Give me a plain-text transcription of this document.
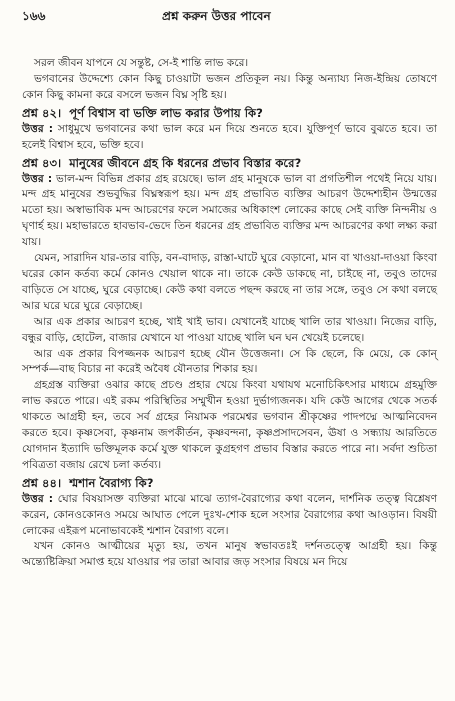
১৬৬	প্রশ্ন করুন উত্তর পাবেন
সরল জীবন যাপনে যে সন্তুষ্ট, সে-ই শান্তি লাভ করে।
ভগবানের উদ্দেশ্যে কোন কিছু চাওয়াটা ভজন প্রতিকূল নয়। কিন্তু অন্যায্য নিজ-ইন্দ্রিয় তোষণে কোন কিছু কামনা করে বসলে ভজন বিঘ্ন সৃষ্টি হয়।
প্রশ্ন ৪২। পূর্ণ বিশ্বাস বা ভক্তি লাভ করার উপায় কি?
উত্তর : সাধুমুখে ভগবানের কথা ভাল করে মন দিয়ে শুনতে হবে। যুক্তিপূর্ণ ভাবে বুঝতে হবে। তা হলেই বিশ্বাস হবে, ভক্তি হবে।
প্রশ্ন ৪৩। মানুষের জীবনে গ্রহ কি ধরনের প্রভাব বিস্তার করে?
উত্তর : ভাল-মন্দ বিভিন্ন প্রকার গ্রহ রয়েছে। ভাল গ্রহ মানুষকে ভাল বা প্রগতিশীল পথেই নিয়ে যায়। মন্দ গ্রহ মানুষের শুভবুদ্ধির বিঘ্নস্বরূপ হয়। মন্দ গ্রহ প্রভাবিত ব্যক্তির আচরণ উদ্দেশ্যহীন উন্মত্তের মতো হয়। অস্বাভাবিক মন্দ আচরণের ফলে সমাজের অধিকাংশ লোকের কাছে সেই ব্যক্তি নিন্দনীয় ও ঘৃণার্হ হয়। মহাভারতে হাবভাব-ভেদে তিন ধরনের গ্রহ প্রভাবিত ব্যক্তির মন্দ আচরণের কথা লক্ষ্য করা যায়।
যেমন, সারাদিন যার-তার বাড়ি, বন-বাদাড়, রাস্তা-ঘাটে ঘুরে বেড়ানো, মান বা খাওয়া-দাওয়া কিংবা ঘরের কোন কর্তব্য কর্মে কোনও খেয়াল থাকে না। তাকে কেউ ডাকছে না, চাইছে না, তবুও তাদের বাড়িতে সে যাচ্ছে, ঘুরে বেড়াচ্ছে। কেউ কথা বলতে পছন্দ করছে না তার সঙ্গে, তবুও সে কথা বলছে আর ঘরে ঘরে ঘুরে বেড়াচ্ছে।
আর এক প্রকার আচরণ হচ্ছে, খাই খাই ভাব। যেখানেই যাচ্ছে খালি তার খাওয়া। নিজের বাড়ি, বন্ধুর বাড়ি, হোটেল, বাজার যেখানে যা পাওয়া যাচ্ছে খালি ঘন ঘন খেয়েই চলেছে।
আর এক প্রকার বিপজ্জনক আচরণ হচ্ছে যৌন উত্তেজনা। সে কি ছেলে, কি মেয়ে, কে কোন্ সম্পর্ক—বাছ বিচার না করেই অবৈধ যৌনতার শিকার হয়।
গ্রহগ্রস্ত ব্যক্তিরা ওঝার কাছে প্রচণ্ড প্রহার খেয়ে কিংবা যথাযথ মনোচিকিৎসার মাধ্যমে গ্রহমুক্তি লাভ করতে পারে। এই রকম পরিস্থিতির সম্মুখীন হওয়া দুর্ভাগ্যজনক। যদি কেউ আগের থেকে সতর্ক থাকতে আগ্রহী হন, তবে সর্ব গ্রহের নিয়ামক পরমেশ্বর ভগবান শ্রীকৃষ্ণের পাদপদ্মে আত্মনিবেদন করতে হবে। কৃষ্ণসেবা, কৃষ্ণনাম জপকীর্তন, কৃষ্ণবন্দনা, কৃষ্ণপ্রসাদসেবন, ঊষা ও সন্ধ্যায় আরতিতে যোগদান ইত্যাদি ভক্তিমূলক কর্মে যুক্ত থাকলে কুগ্রহগণ প্রভাব বিস্তার করতে পারে না। সর্বদা শুচিতা পবিত্রতা বজায় রেখে চলা কর্তব্য।
প্রশ্ন ৪৪। শ্মশান বৈরাগ্য কি?
উত্তর : ঘোর বিষয়াসক্ত ব্যক্তিরা মাঝে মাঝে ত্যাগ-বৈরাগ্যের কথা বলেন, দার্শনিক তত্ত্ব বিশ্লেষণ করেন, কোনওকোনও সময়ে আঘাত পেলে দুঃখ-শোক হলে সংসার বৈরাগ্যের কথা আওড়ান। বিষয়ী লোকের এইরূপ মনোভাবকেই শ্মশান বৈরাগ্য বলে।
যখন কোনও আত্মীয়ের মৃত্যু হয়, তখন মানুষ স্বভাবতঃই দর্শনতত্ত্বে আগ্রহী হয়। কিন্তু অন্ত্যেষ্টিক্রিয়া সমাপ্ত হয়ে যাওয়ার পর তারা আবার জড় সংসার বিষয়ে মন দিয়ে
